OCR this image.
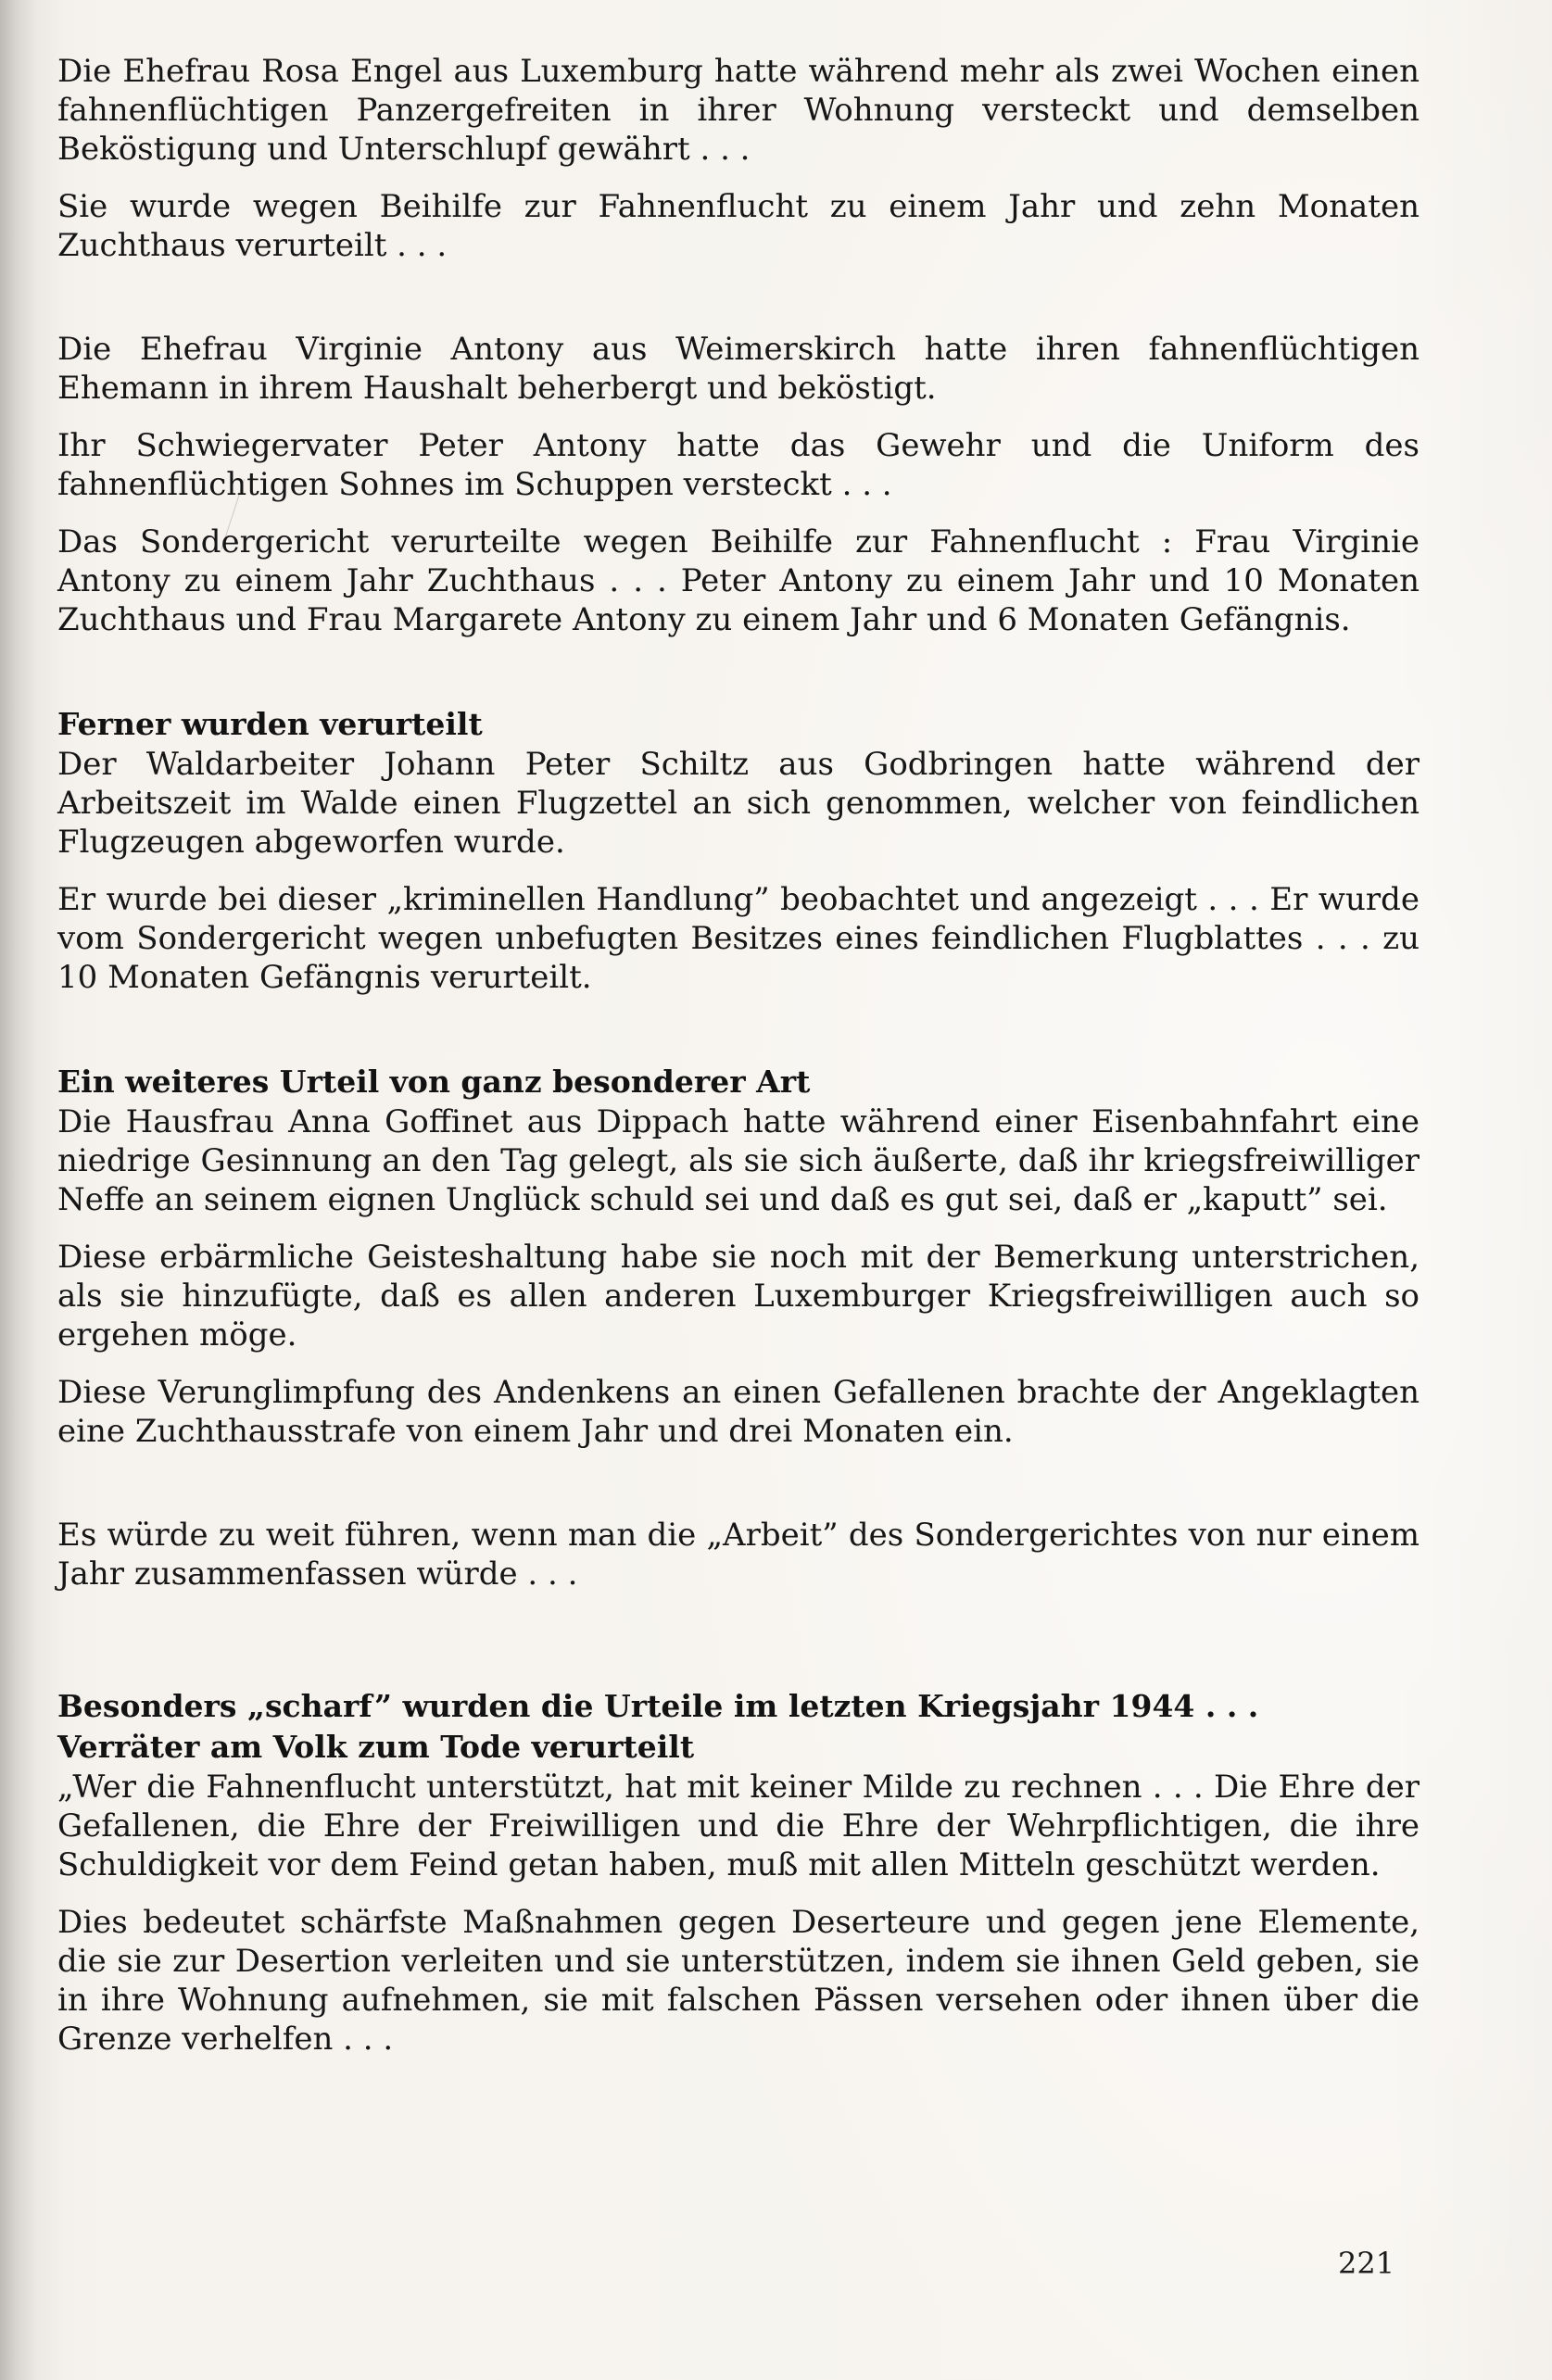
Die Ehefrau Rosa Engel aus Luxemburg hatte während mehr als zwei Wochen einen fahnenflüchtigen Panzergefreiten in ihrer Wohnung versteckt und demselben Beköstigung und Unterschlupf gewährt . . .

Sie wurde wegen Beihilfe zur Fahnenflucht zu einem Jahr und zehn Monaten Zuchthaus verurteilt . . .

Die Ehefrau Virginie Antony aus Weimerskirch hatte ihren fahnenflüchtigen Ehemann in ihrem Haushalt beherbergt und beköstigt.

Ihr Schwiegervater Peter Antony hatte das Gewehr und die Uniform des fahnenflüchtigen Sohnes im Schuppen versteckt . . .

Das Sondergericht verurteilte wegen Beihilfe zur Fahnenflucht : Frau Virginie Antony zu einem Jahr Zuchthaus . . . Peter Antony zu einem Jahr und 10 Monaten Zuchthaus und Frau Margarete Antony zu einem Jahr und 6 Monaten Gefängnis.

Ferner wurden verurteilt

Der Waldarbeiter Johann Peter Schiltz aus Godbringen hatte während der Arbeitszeit im Walde einen Flugzettel an sich genommen, welcher von feindlichen Flugzeugen abgeworfen wurde.

Er wurde bei dieser „kriminellen Handlung” beobachtet und angezeigt . . . Er wurde vom Sondergericht wegen unbefugten Besitzes eines feindlichen Flugblattes . . . zu 10 Monaten Gefängnis verurteilt.

Ein weiteres Urteil von ganz besonderer Art

Die Hausfrau Anna Goffinet aus Dippach hatte während einer Eisenbahnfahrt eine niedrige Gesinnung an den Tag gelegt, als sie sich äußerte, daß ihr kriegsfreiwilliger Neffe an seinem eignen Unglück schuld sei und daß es gut sei, daß er „kaputt” sei.

Diese erbärmliche Geisteshaltung habe sie noch mit der Bemerkung unterstrichen, als sie hinzufügte, daß es allen anderen Luxemburger Kriegsfreiwilligen auch so ergehen möge.

Diese Verunglimpfung des Andenkens an einen Gefallenen brachte der Angeklagten eine Zuchthausstrafe von einem Jahr und drei Monaten ein.

Es würde zu weit führen, wenn man die „Arbeit” des Sondergerichtes von nur einem Jahr zusammenfassen würde . . .

Besonders „scharf” wurden die Urteile im letzten Kriegsjahr 1944 . . .
Verräter am Volk zum Tode verurteilt

„Wer die Fahnenflucht unterstützt, hat mit keiner Milde zu rechnen . . . Die Ehre der Gefallenen, die Ehre der Freiwilligen und die Ehre der Wehrpflichtigen, die ihre Schuldigkeit vor dem Feind getan haben, muß mit allen Mitteln geschützt werden.

Dies bedeutet schärfste Maßnahmen gegen Deserteure und gegen jene Elemente, die sie zur Desertion verleiten und sie unterstützen, indem sie ihnen Geld geben, sie in ihre Wohnung aufnehmen, sie mit falschen Pässen versehen oder ihnen über die Grenze verhelfen . . .

221
